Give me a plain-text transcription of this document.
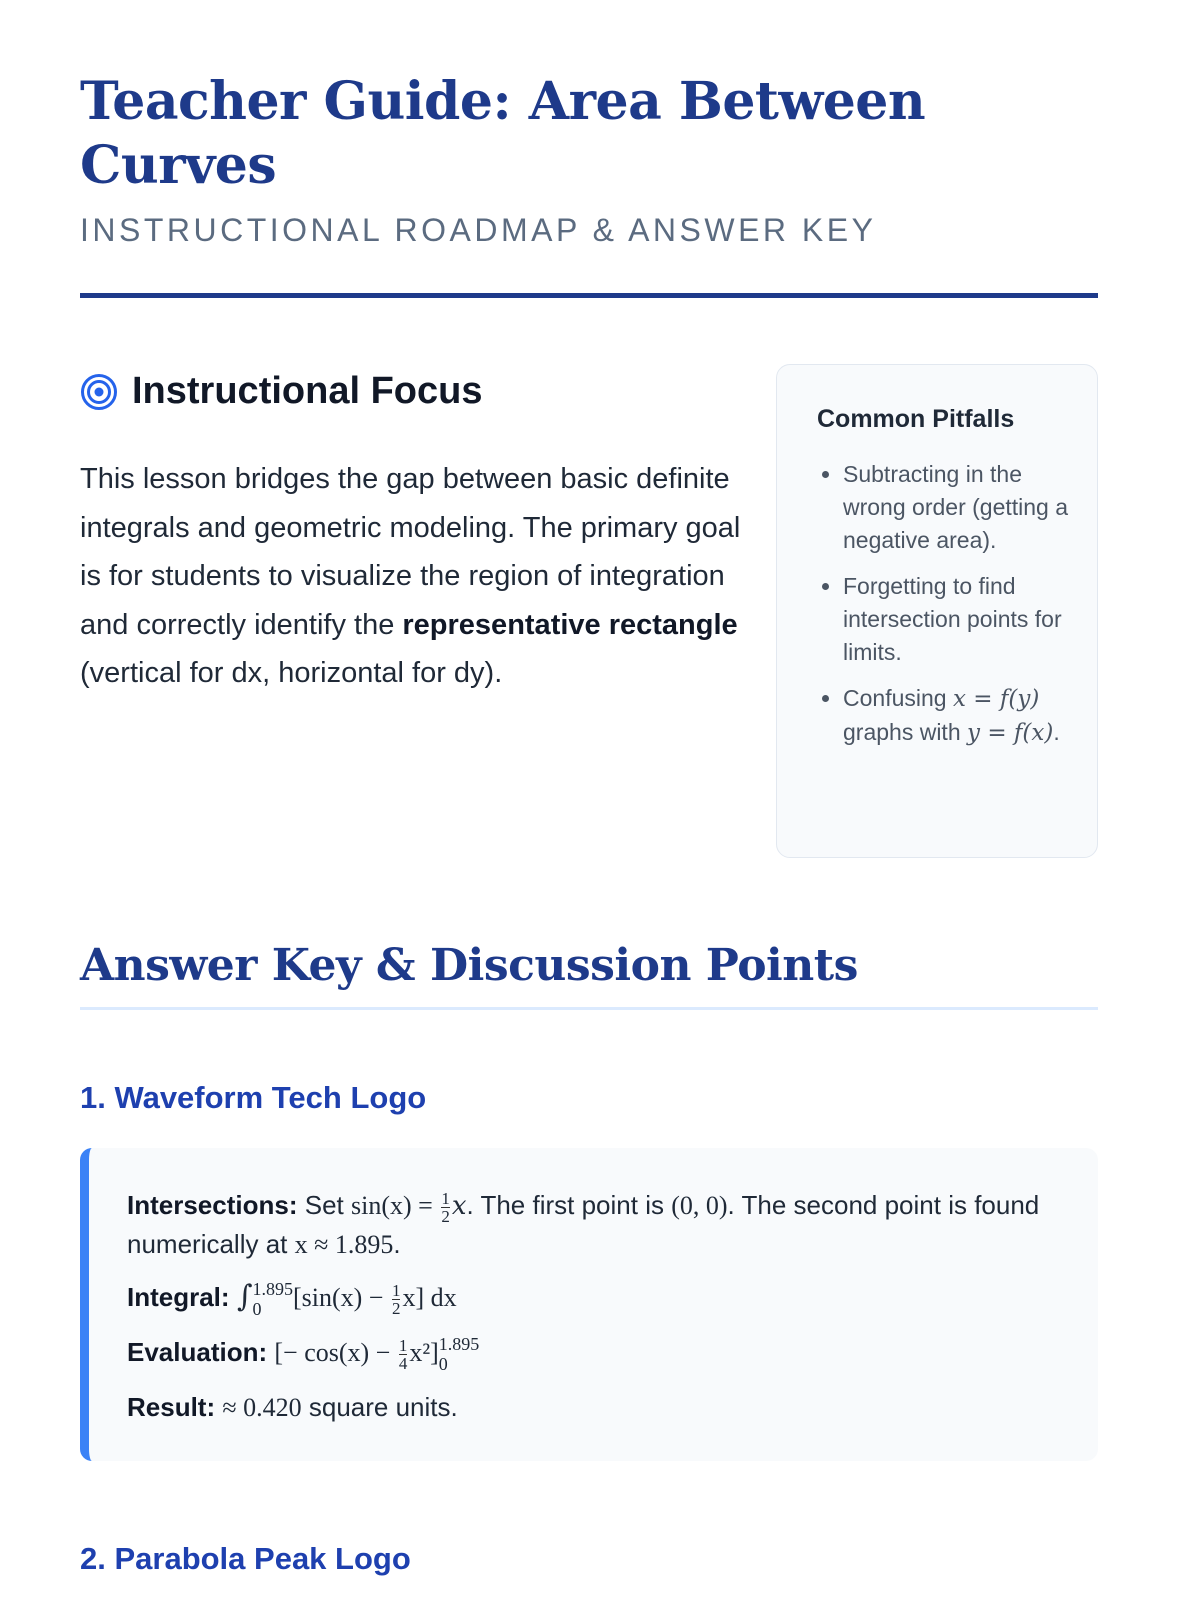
Teacher Guide: Area Between Curves
INSTRUCTIONAL ROADMAP & ANSWER KEY
Instructional Focus
This lesson bridges the gap between basic definite integrals and geometric modeling. The primary goal is for students to visualize the region of integration and correctly identify the representative rectangle (vertical for dx, horizontal for dy).
Common Pitfalls
• Subtracting in the wrong order (getting a negative area).
• Forgetting to find intersection points for limits.
• Confusing x = f(y) graphs with y = f(x).
Answer Key & Discussion Points
1. Waveform Tech Logo

Intersections: Set $\sin(x) = \frac{1}{2} x$. The first point is (0, 0). The second point is found numerically at x ≈ 1.895.

Integral: ∫ 1.895
0	$[\sin(x) - \frac{1}{2} x]$ dx

Evaluation: [− $\cos(x) - \frac{1}{4} x^2$] 1.895
0

Result: ≈ 0.420 square units.

2. Parabola Peak Logo
